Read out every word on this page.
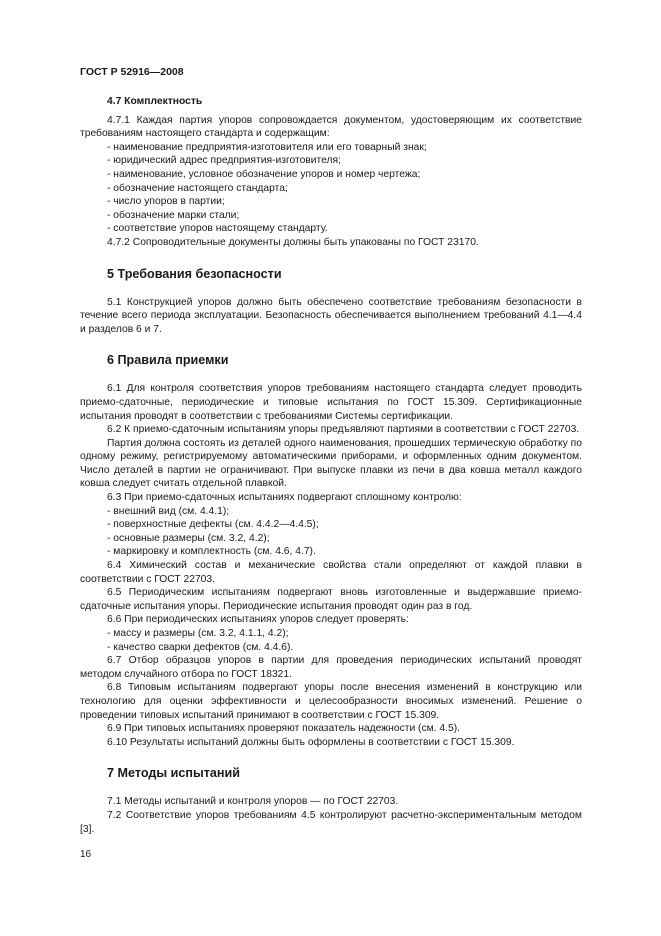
ГОСТ Р 52916—2008
4.7 Комплектность

4.7.1 Каждая партия упоров сопровождается документом, удостоверяющим их соответствие требованиям настоящего стандарта и содержащим:

- наименование предприятия-изготовителя или его товарный знак;
- юридический адрес предприятия-изготовителя;
- наименование, условное обозначение упоров и номер чертежа;
- обозначение настоящего стандарта;
- число упоров в партии;
- обозначение марки стали;
- соответствие упоров настоящему стандарту.

4.7.2 Сопроводительные документы должны быть упакованы по ГОСТ 23170.

5 Требования безопасности

5.1 Конструкцией упоров должно быть обеспечено соответствие требованиям безопасности в течение всего периода эксплуатации. Безопасность обеспечивается выполнением требований 4.1—4.4 и разделов 6 и 7.

6 Правила приемки

6.1 Для контроля соответствия упоров требованиям настоящего стандарта следует проводить приемо-сдаточные, периодические и типовые испытания по ГОСТ 15.309. Сертификационные испытания проводят в соответствии с требованиями Системы сертификации.

6.2 К приемо-сдаточным испытаниям упоры предъявляют партиями в соответствии с ГОСТ 22703.

Партия должна состоять из деталей одного наименования, прошедших термическую обработку по одному режиму, регистрируемому автоматическими приборами, и оформленных одним документом. Число деталей в партии не ограничивают. При выпуске плавки из печи в два ковша металл каждого ковша следует считать отдельной плавкой.

6.3 При приемо-сдаточных испытаниях подвергают сплошному контролю:

- внешний вид (см. 4.4.1);
- поверхностные дефекты (см. 4.4.2—4.4.5);
- основные размеры (см. 3.2, 4.2);
- маркировку и комплектность (см. 4.6, 4.7).

6.4 Химический состав и механические свойства стали определяют от каждой плавки в соответствии с ГОСТ 22703.

6.5 Периодическим испытаниям подвергают вновь изготовленные и выдержавшие приемо-сдаточные испытания упоры. Периодические испытания проводят один раз в год.

6.6 При периодических испытаниях упоров следует проверять:

- массу и размеры (см. 3.2, 4.1.1, 4.2);
- качество сварки дефектов (см. 4.4.6).

6.7 Отбор образцов упоров в партии для проведения периодических испытаний проводят методом случайного отбора по ГОСТ 18321.

6.8 Типовым испытаниям подвергают упоры после внесения изменений в конструкцию или технологию для оценки эффективности и целесообразности вносимых изменений. Решение о проведении типовых испытаний принимают в соответствии с ГОСТ 15.309.

6.9 При типовых испытаниях проверяют показатель надежности (см. 4.5).

6.10 Результаты испытаний должны быть оформлены в соответствии с ГОСТ 15.309.

7 Методы испытаний

7.1 Методы испытаний и контроля упоров — по ГОСТ 22703.

7.2 Соответствие упоров требованиям 4.5 контролируют расчетно-экспериментальным методом [3].

16
